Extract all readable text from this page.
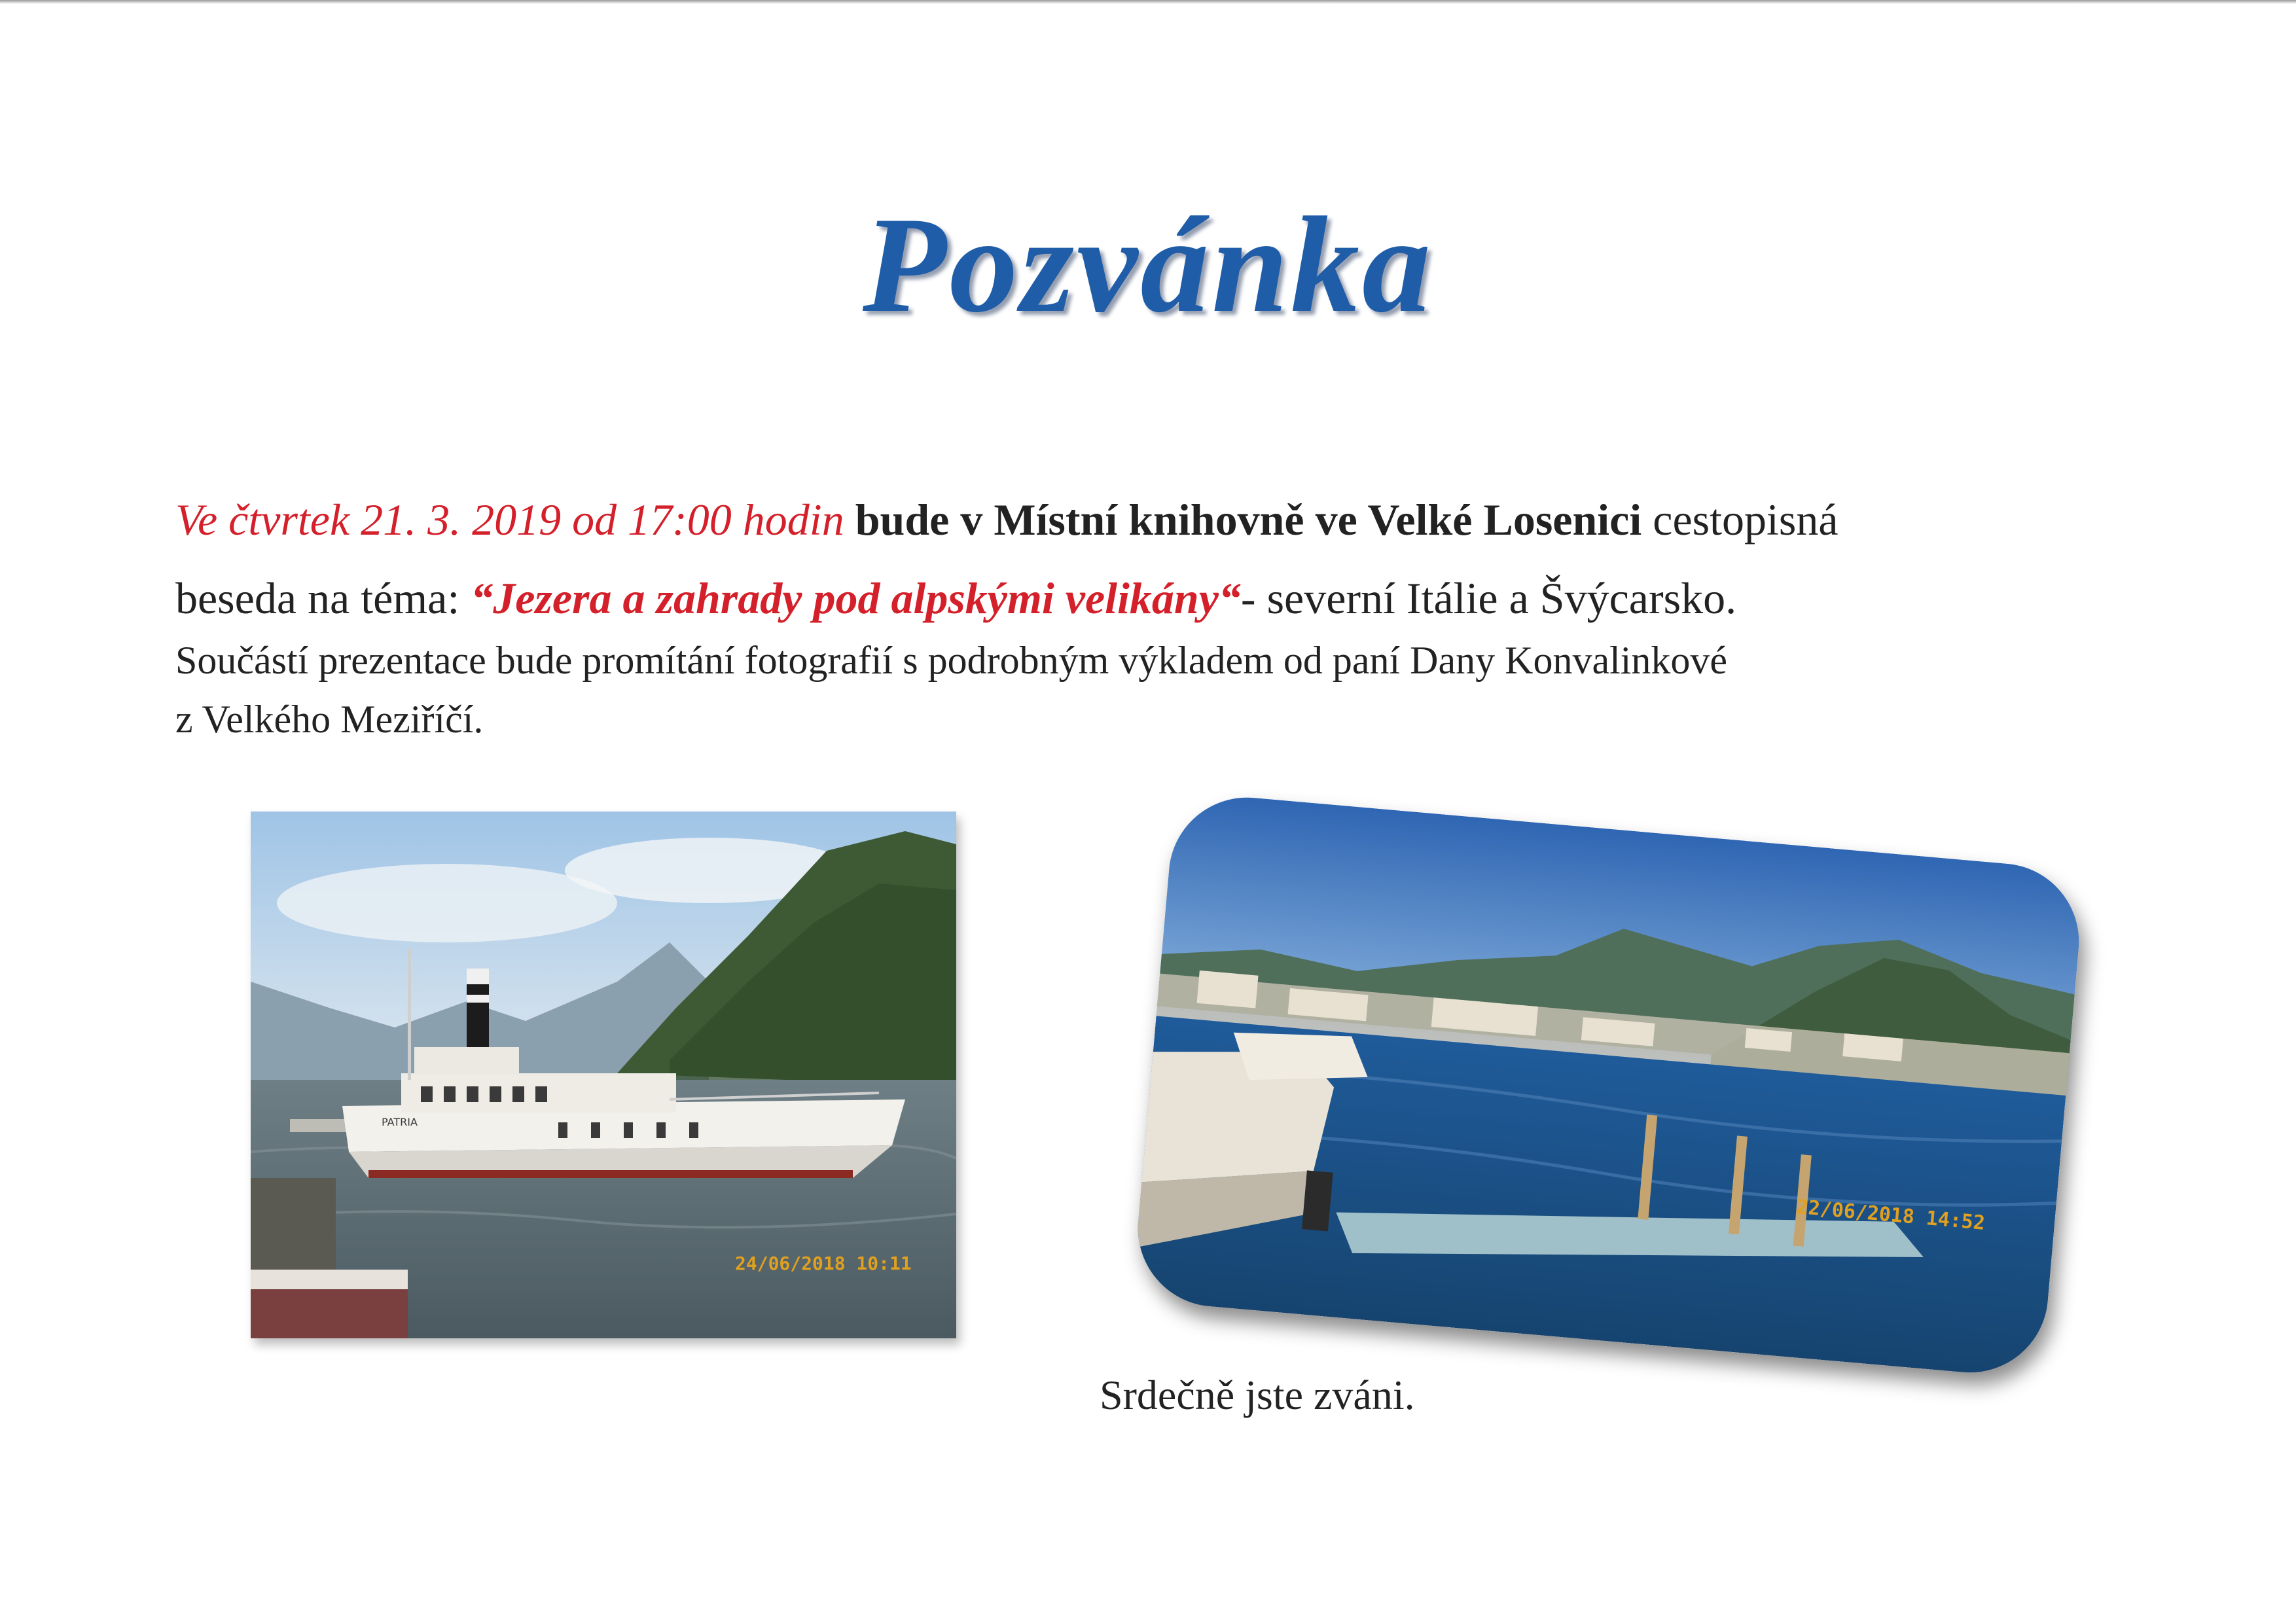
Pozvánka
Ve čtvrtek 21. 3. 2019 od 17:00 hodin bude v Místní knihovně ve Velké Losenici cestopisná
beseda na téma: “Jezera a zahrady pod alpskými velikány“- severní Itálie a Švýcarsko.
Součástí prezentace bude promítání fotografií s podrobným výkladem od paní Dany Konvalinkové
z Velkého Meziříčí.
PATRIA
24/06/2018 10:11
22/06/2018 14:52
Srdečně jste zváni.
